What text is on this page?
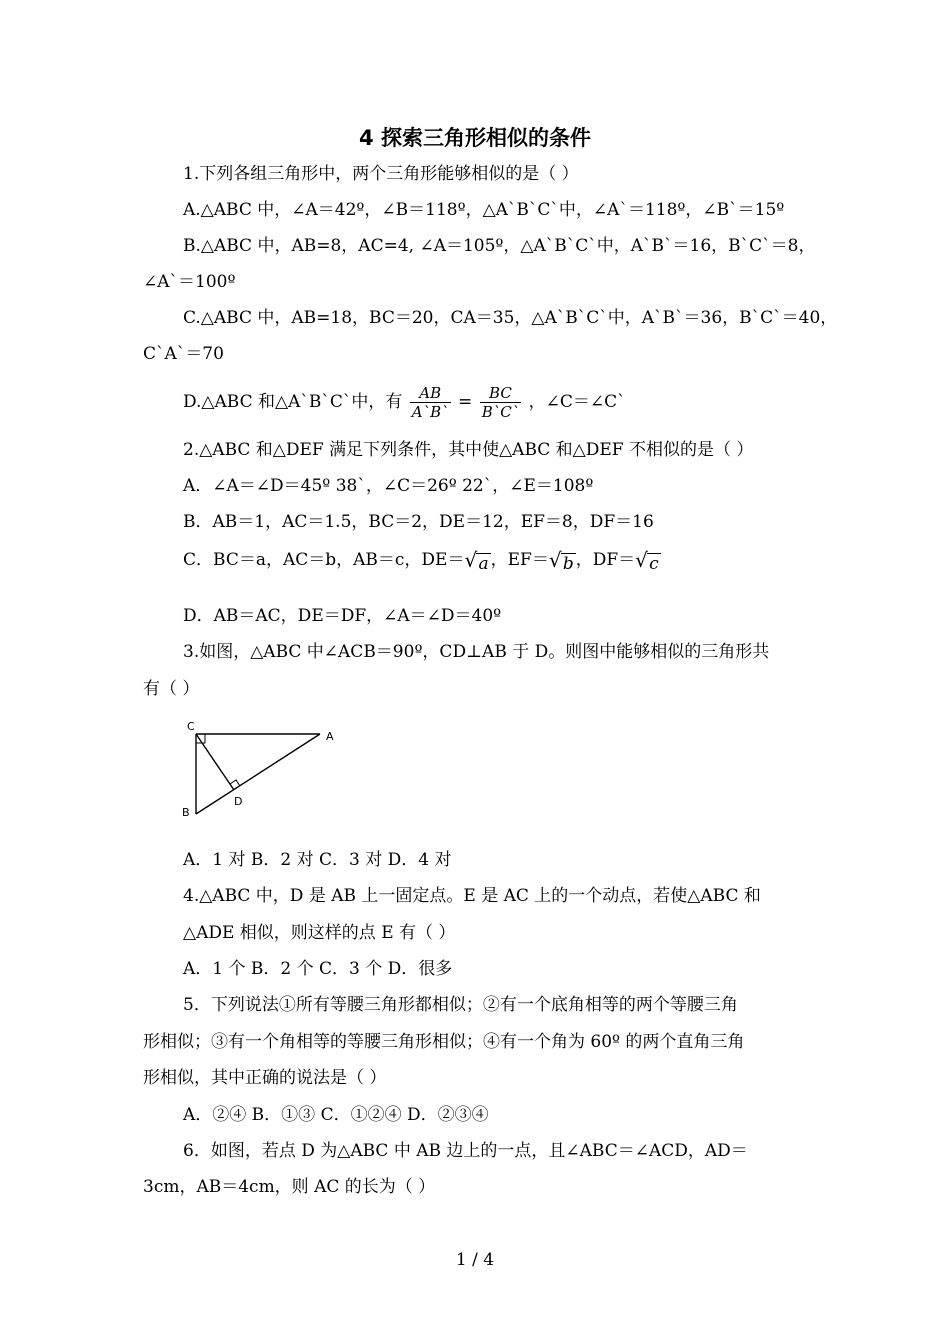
4 探索三角形相似的条件
1.下列各组三角形中，两个三角形能够相似的是（ ）
A.△ABC 中，∠A＝42º，∠B＝118º，△A`B`C`中，∠A`＝118º，∠B`＝15º
B.△ABC 中，AB=8，AC=4, ∠A＝105º，△A`B`C`中，A`B`＝16，B`C`＝8，
∠A`＝100º
C.△ABC 中，AB=18，BC＝20，CA＝35，△A`B`C`中，A`B`＝36，B`C`＝40，
C`A`＝70
D.△ABC 和△A`B`C`中，有 $\frac{AB}{A`B`} = \frac{BC}{B`C`}$ ，∠C＝∠C`
2.△ABC 和△DEF 满足下列条件，其中使△ABC 和△DEF 不相似的是（ ）
A．∠A＝∠D＝45º 38`，∠C＝26º 22`，∠E＝108º
B．AB＝1，AC＝1.5，BC＝2，DE＝12，EF＝8，DF＝16
C．BC＝a，AC＝b，AB＝c，DE＝ √ a ，EF＝ √ b ，DF＝ √ c
D．AB＝AC，DE＝DF，∠A＝∠D＝40º
3.如图，△ABC 中∠ACB＝90º，CD⊥AB 于 D。则图中能够相似的三角形共
有（ ）
C
A
B
D
A．1 对 B．2 对 C．3 对 D．4 对
4.△ABC 中，D 是 AB 上一固定点。E 是 AC 上的一个动点，若使△ABC 和
△ADE 相似，则这样的点 E 有（ ）
A．1 个 B．2 个 C．3 个 D．很多
5．下列说法①所有等腰三角形都相似；②有一个底角相等的两个等腰三角
形相似；③有一个角相等的等腰三角形相似；④有一个角为 60º 的两个直角三角
形相似，其中正确的说法是（ ）
A．②④ B．①③ C．①②④ D．②③④
6．如图，若点 D 为△ABC 中 AB 边上的一点，且∠ABC＝∠ACD，AD＝
3cm，AB＝4cm，则 AC 的长为（ ）
1 / 4
